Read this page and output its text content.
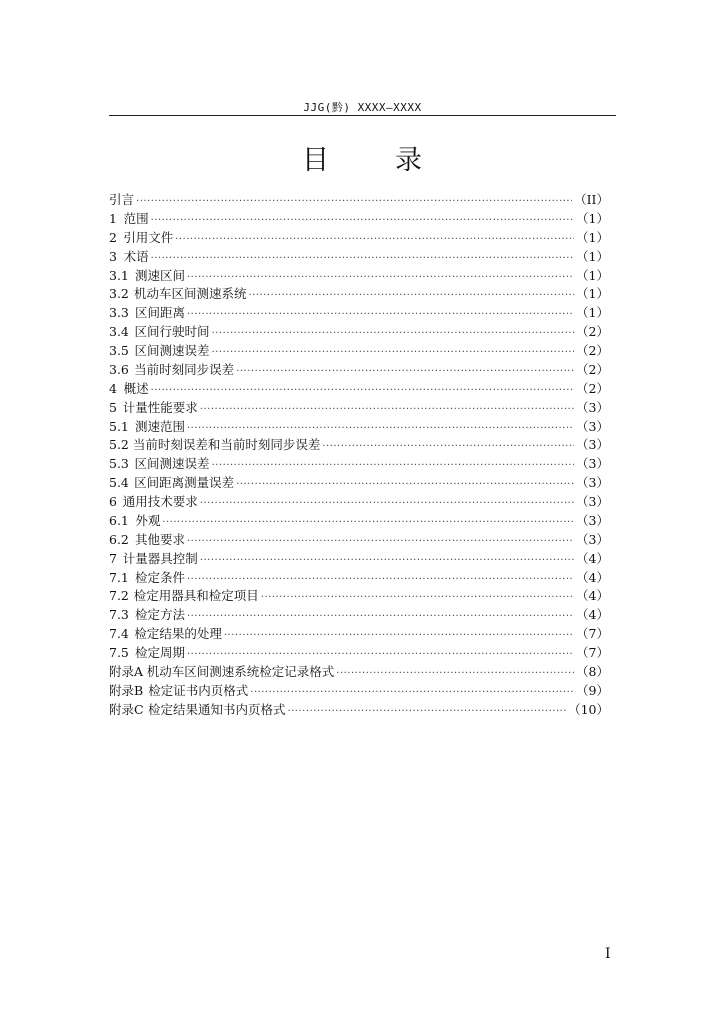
JJG(黔) XXXX—XXXX
目 录
引言 ·····	（II）
1 范围 ·····	（1）
2 引用文件 ·····	（1）
3 术语 ·····	（1）
3.1 测速区间 ·····	（1）
3.2 机动车区间测速系统 ·····	（1）
3.3 区间距离 ·····	（1）
3.4 区间行驶时间 ·····	（2）
3.5 区间测速误差 ·····	（2）
3.6 当前时刻同步误差 ·····	（2）
4 概述 ·····	（2）
5 计量性能要求 ·····	（3）
5.1 测速范围 ·····	（3）
5.2 当前时刻误差和当前时刻同步误差 ·····	（3）
5.3 区间测速误差 ·····	（3）
5.4 区间距离测量误差 ·····	（3）
6 通用技术要求 ·····	（3）
6.1 外观 ·····	（3）
6.2 其他要求 ·····	（3）
7 计量器具控制 ·····	（4）
7.1 检定条件 ·····	（4）
7.2 检定用器具和检定项目 ·····	（4）
7.3 检定方法 ·····	（4）
7.4 检定结果的处理 ·····	（7）
7.5 检定周期 ·····	（7）
附录A 机动车区间测速系统检定记录格式 ·····	（8）
附录B 检定证书内页格式 ·····	（9）
附录C 检定结果通知书内页格式 ·····	（10）
I
